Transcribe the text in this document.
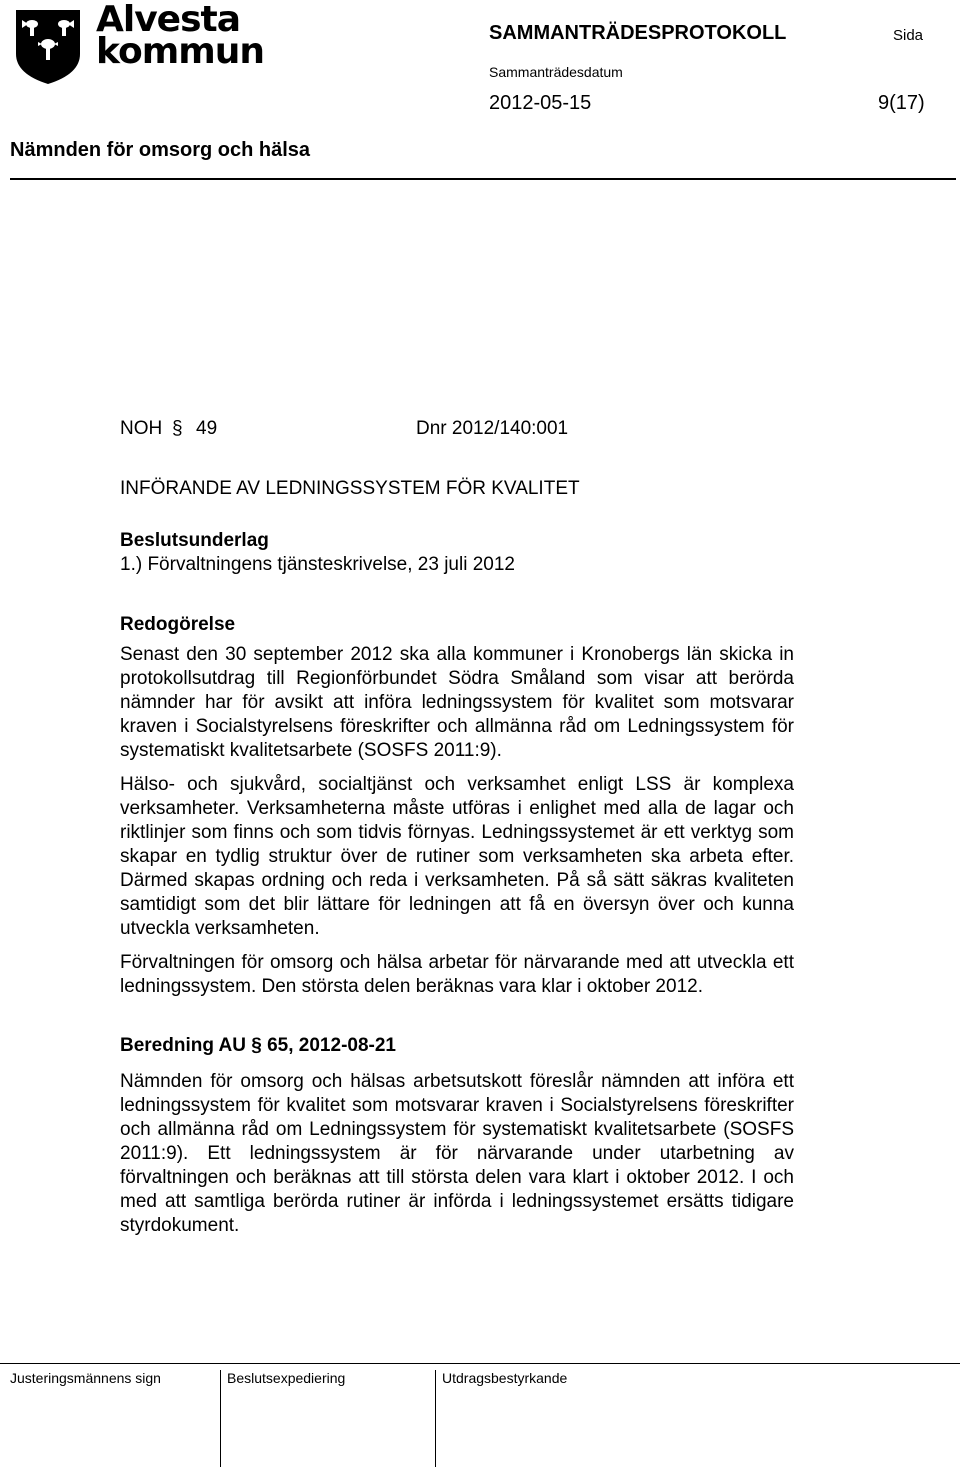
Alvesta
kommun	SAMMANTRÄDESPROTOKOLL	Sida
Sammanträdesdatum
2012-05-15	9(17)
Nämnden för omsorg och hälsa
NOH § 49	Dnr 2012/140:001

INFÖRANDE AV LEDNINGSSYSTEM FÖR KVALITET

Beslutsunderlag

1.) Förvaltningens tjänsteskrivelse, 23 juli 2012

Redogörelse

Senast den 30 september 2012 ska alla kommuner i Kronobergs län skicka in protokollsutdrag till Regionförbundet Södra Småland som visar att berörda nämnder har för avsikt att införa ledningssystem för kvalitet som motsvarar kraven i Socialstyrelsens föreskrifter och allmänna råd om Ledningssystem för systematiskt kvalitetsarbete (SOSFS 2011:9).

Hälso- och sjukvård, socialtjänst och verksamhet enligt LSS är komplexa verksamheter. Verksamheterna måste utföras i enlighet med alla de lagar och riktlinjer som finns och som tidvis förnyas. Ledningssystemet är ett verktyg som skapar en tydlig struktur över de rutiner som verksamheten ska arbeta efter. Därmed skapas ordning och reda i verksamheten. På så sätt säkras kvaliteten samtidigt som det blir lättare för ledningen att få en översyn över och kunna utveckla verksamheten.

Förvaltningen för omsorg och hälsa arbetar för närvarande med att utveckla ett ledningssystem. Den största delen beräknas vara klar i oktober 2012.

Beredning AU § 65, 2012-08-21

Nämnden för omsorg och hälsas arbetsutskott föreslår nämnden att införa ett ledningssystem för kvalitet som motsvarar kraven i Socialstyrelsens föreskrifter och allmänna råd om Ledningssystem för systematiskt kvalitetsarbete (SOSFS 2011:9). Ett ledningssystem är för närvarande under utarbetning av förvaltningen och beräknas att till största delen vara klart i oktober 2012. I och med att samtliga berörda rutiner är införda i ledningssystemet ersätts tidigare styrdokument.

Justeringsmännens sign	Beslutsexpediering	Utdragsbestyrkande
